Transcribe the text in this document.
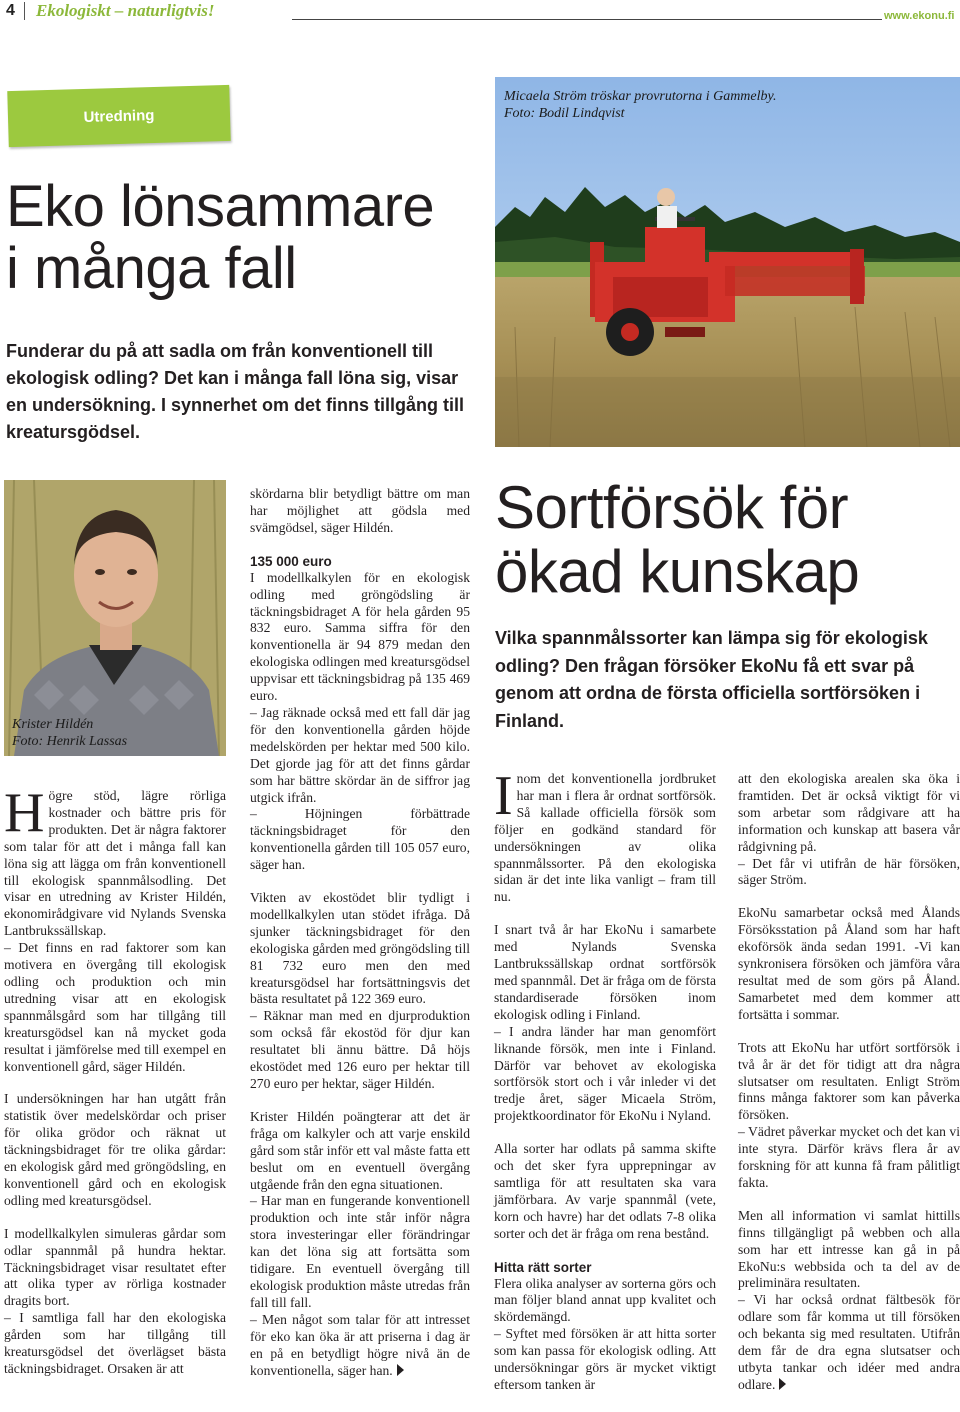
4 Ekologiskt – naturligtvis!	www.ekonu.fi
Utredning
Eko lönsammare
i många fall
Funderar du på att sadla om från konventionell till ekologisk odling? Det kan i många fall löna sig, visar en undersökning. I synnerhet om det finns tillgång till kreatursgödsel.
Micaela Ström tröskar provrutorna i Gammelby.
Foto: Bodil Lindqvist
Krister Hildén
Foto: Henrik Lassas

Högre stöd, lägre rörliga kostnader och bättre pris för produkten. Det är några faktorer som talar för att det i många fall kan löna sig att lägga om från konventionell till ekologisk spannmålsodling. Det visar en utredning av Krister Hildén, ekonomirådgivare vid Nylands Svenska Lantbrukssällskap.

– Det finns en rad faktorer som kan motivera en övergång till ekologisk odling och produktion och min utredning visar att en ekologisk spannmålsgård som har tillgång till kreatursgödsel kan nå mycket goda resultat i jämförelse med till exempel en konventionell gård, säger Hildén.

I undersökningen har han utgått från statistik över medelskördar och priser för olika grödor och räknat ut täckningsbidraget för tre olika gårdar: en ekologisk gård med gröngödsling, en konventionell gård och en ekologisk odling med kreatursgödsel.

I modellkalkylen simuleras gårdar som odlar spannmål på hundra hektar. Täckningsbidraget visar resultatet efter att olika typer av rörliga kostnader dragits bort.

– I samtliga fall har den ekologiska gården som har tillgång till kreatursgödsel det överlägset bästa täckningsbidraget. Orsaken är att

skördarna blir betydligt bättre om man har möjlighet att gödsla med svämgödsel, säger Hildén.

135 000 euro

I modellkalkylen för en ekologisk odling med gröngödsling är täckningsbidraget A för hela gården 95 832 euro. Samma siffra för den konventionella är 94 879 medan den ekologiska odlingen med kreatursgödsel uppvisar ett täckningsbidrag på 135 469 euro.

– Jag räknade också med ett fall där jag för den konventionella gården höjde medelskörden per hektar med 500 kilo. Det gjorde jag för att det finns gårdar som har bättre skördar än de siffror jag utgick ifrån.

– Höjningen förbättrade täckningsbidraget för den konventionella gården till 105 057 euro, säger han.

Vikten av ekostödet blir tydligt i modellkalkylen utan stödet ifråga. Då sjunker täckningsbidraget för den ekologiska gården med gröngödsling till 81 732 euro men den med kreatursgödsel har fortsättningsvis det bästa resultatet på 122 369 euro.

– Räknar man med en djurproduktion som också får ekostöd för djur kan resultatet bli ännu bättre. Då höjs ekostödet med 126 euro per hektar till 270 euro per hektar, säger Hildén.

Krister Hildén poängterar att det är fråga om kalkyler och att varje enskild gård som står inför ett val måste fatta ett beslut om en eventuell övergång utgående från den egna situationen.

– Har man en fungerande konventionell produktion och inte står inför några stora investeringar eller förändringar kan det löna sig att fortsätta som tidigare. En eventuell övergång till ekologisk produktion måste utredas från fall till fall.

– Men något som talar för att intresset för eko kan öka är att priserna i dag är en på en betydligt högre nivå än de konventionella, säger han.

Sortförsök för
ökad kunskap
Vilka spannmålssorter kan lämpa sig för ekologisk odling? Den frågan försöker EkoNu få ett svar på genom att ordna de första officiella sortförsöken i Finland.

Inom det konventionella jordbruket har man i flera år ordnat sortförsök. Så kallade officiella försök som följer en godkänd standard för undersökningen av olika spannmålssorter. På den ekologiska sidan är det inte lika vanligt – fram till nu.

I snart två år har EkoNu i samarbete med Nylands Svenska Lantbrukssällskap ordnat sortförsök med spannmål. Det är fråga om de första standardiserade försöken inom ekologisk odling i Finland.

– I andra länder har man genomfört liknande försök, men inte i Finland. Därför var behovet av ekologiska sortförsök stort och i vår inleder vi det tredje året, säger Micaela Ström, projektkoordinator för EkoNu i Nyland.

Alla sorter har odlats på samma skifte och det sker fyra upprepningar av samtliga för att resultaten ska vara jämförbara. Av varje spannmål (vete, korn och havre) har det odlats 7-8 olika sorter och det är fråga om rena bestånd.

Hitta rätt sorter

Flera olika analyser av sorterna görs och man följer bland annat upp kvalitet och skördemängd.

– Syftet med försöken är att hitta sorter som kan passa för ekologisk odling. Att undersökningar görs är mycket viktigt eftersom tanken är

att den ekologiska arealen ska öka i framtiden. Det är också viktigt för vi som arbetar som rådgivare att ha information och kunskap att basera vår rådgivning på.

– Det får vi utifrån de här försöken, säger Ström.

EkoNu samarbetar också med Ålands Försöksstation på Åland som har haft ekoförsök ända sedan 1991. -Vi kan synkronisera försöken och jämföra våra resultat med de som görs på Åland. Samarbetet med dem kommer att fortsätta i sommar.

Trots att EkoNu har utfört sortförsök i två år är det för tidigt att dra några slutsatser om resultaten. Enligt Ström finns många faktorer som kan påverka försöken.

– Vädret påverkar mycket och det kan vi inte styra. Därför krävs flera år av forskning för att kunna få fram pålitligt fakta.

Men all information vi samlat hittills finns tillgängligt på webben och alla som har ett intresse kan gå in på EkoNu:s webbsida och ta del av de preliminära resultaten.

– Vi har också ordnat fältbesök för odlare som får komma ut till försöken och bekanta sig med resultaten. Utifrån dem får de dra egna slutsatser och utbyta tankar och idéer med andra odlare.
